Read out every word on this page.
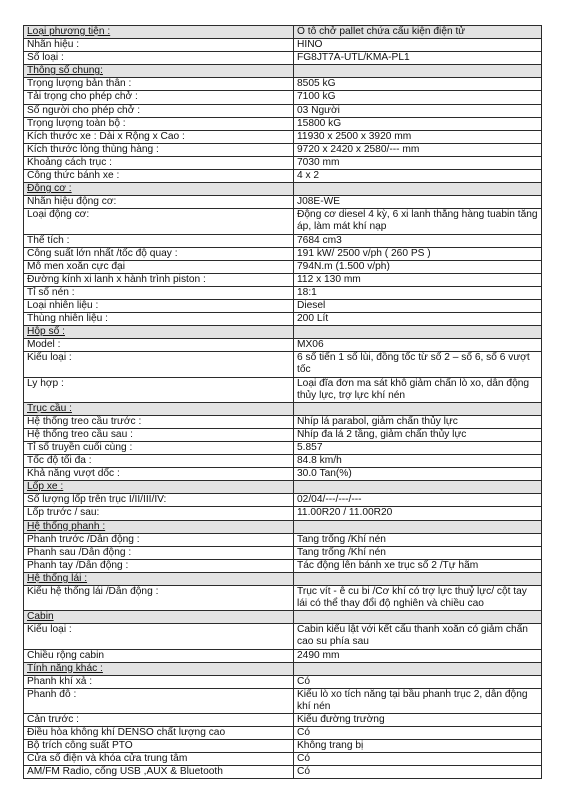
Loại phương tiện :	Ô tô chở pallet chứa cấu kiện điện tử
Nhãn hiệu :	HINO
Số loại :	FG8JT7A-UTL/KMA-PL1
Thông số chung:	
Trọng lượng bản thân :	8505 kG
Tải trọng cho phép chở :	7100 kG
Số người cho phép chở :	03 Người
Trọng lượng toàn bộ :	15800 kG
Kích thước xe : Dài x Rộng x Cao :	11930 x 2500 x 3920 mm
Kích thước lòng thùng hàng :	9720 x 2420 x 2580/--- mm
Khoảng cách trục :	7030 mm
Công thức bánh xe :	4 x 2
Động cơ :	
Nhãn hiệu động cơ:	J08E-WE
Loại động cơ:	Động cơ diesel 4 kỳ, 6 xi lanh thẳng hàng tuabin tăng áp, làm mát khí nạp
Thể tích :	7684 cm3
Công suất lớn nhất /tốc độ quay :	191 kW/ 2500 v/ph ( 260 PS )
Mô men xoắn cực đại	794N.m (1.500 v/ph)
Đường kính xi lanh x hành trình piston :	112 x 130 mm
Tỉ số nén :	18:1
Loại nhiên liệu :	Diesel
Thùng nhiên liệu :	200 Lít
Hộp số :	
Model :	MX06
Kiểu loại :	6 số tiến 1 số lùi, đồng tốc từ số 2 – số 6, số 6 vượt tốc
Ly hợp :	Loại đĩa đơn ma sát khô giảm chấn lò xo, dẫn động thủy lực, trợ lực khí nén
Trục cầu :	
Hệ thống treo cầu trước :	Nhíp lá parabol, giảm chấn thủy lực
Hệ thống treo cầu sau :	Nhíp đa lá 2 tầng, giảm chấn thủy lực
Tỉ số truyền cuối cùng :	5.857
Tốc độ tối đa :	84.8 km/h
Khả năng vượt dốc :	30.0 Tan(%)
Lốp xe :	
Số lượng lốp trên trục I/II/III/IV:	02/04/---/---/---
Lốp trước / sau:	11.00R20 / 11.00R20
Hệ thống phanh :	
Phanh trước /Dẫn động :	Tang trống /Khí nén
Phanh sau /Dẫn động :	Tang trống /Khí nén
Phanh tay /Dẫn động :	Tác động lên bánh xe trục số 2 /Tự hãm
Hệ thống lái :	
Kiểu hệ thống lái /Dẫn động :	Trục vít - ê cu bi /Cơ khí có trợ lực thuỷ lực/ cột tay lái có thể thay đổi độ nghiên và chiều cao
Cabin	
Kiểu loại :	Cabin kiểu lật với kết cấu thanh xoắn có giảm chấn cao su phía sau
Chiều rộng cabin	2490 mm
Tính năng khác :	
Phanh khí xả :	Có
Phanh đỗ :	Kiểu lò xo tích năng tại bầu phanh trục 2, dẫn động khí nén
Cản trước :	Kiểu đường trường
Điều hòa không khí DENSO chất lượng cao	Có
Bộ trích công suất PTO	Không trang bị
Cửa số điện và khóa cửa trung tâm	Có
AM/FM Radio, cổng USB ,AUX & Bluetooth	Có
